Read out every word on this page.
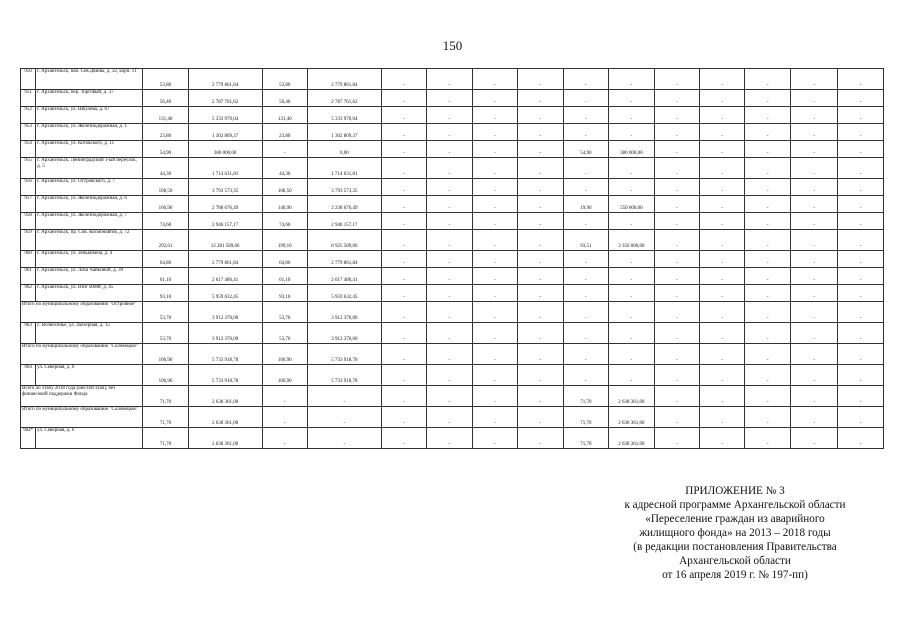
150
950	г. Архангельск, наб. Сев.Двины, д. 32, корп. 11	53,80	2 779 861,84	53,80	2 779 861,84	-	-	-	-	-	-	-	-	-	-	-
951	г. Архангельск, пер. Торговый, д. 37	56,40	2 787 761,62	56,40	2 787 761,62	-	-	-	-	-	-	-	-	-	-	-
952	г. Архангельск, ул. Шкулёва, д. 67	131,40	5 333 970,04	131,40	5 333 970,04	-	-	-	-	-	-	-	-	-	-	-
953	г. Архангельск, ул. Железнодорожная, д. 1	23,80	1 302 809,37	23,80	1 302 809,37	-	-	-	-	-	-	-	-	-	-	-
954	г. Архангельск, ул. Котовского, д. 11	54,90	380 000,00	-	0,00	-	-	-	-	54,90	380 000,00	-	-	-	-	-
955	г. Архангельск, Ленинградский 1-ый переулок, д. 5	44,30	1 714 631,81	44,30	1 714 631,81	-	-	-	-	-	-	-	-	-	-	-
956	г. Архангельск, ул. Островского, д. 7	108,50	3 793 573,35	108,50	3 793 573,35	-	-	-	-	-	-	-	-	-	-	-
957	г. Архангельск, ул. Железнодорожная, д. 6	166,90	2 788 676,49	146,90	2 238 676,49	-	-	-	-	19,90	550 000,00	-	-	-	-	-
958	г. Архангельск, ул. Железнодорожная, д. 7	74,60	2 946 157,17	74,60	2 946 157,17	-	-	-	-	-	-	-	-	-	-	-
959	г. Архангельск, пр. Сов. Космонавтов, д. 72	292,61	12 281 589,06	199,10	8 925 589,06	-	-	-	-	93,51	3 356 000,00	-	-	-	-	-
960	г. Архангельск, ул. Зеньковича, д. 4	64,80	2 779 861,84	64,80	2 779 861,84	-	-	-	-	-	-	-	-	-	-	-
961	г. Архангельск, ул. Лиза Чайкиной, д. 39	61,10	2 617 486,41	61,10	2 617 486,41	-	-	-	-	-	-	-	-	-	-	-
962	г. Архангельск, ул. Юнг ВМФ, д. 45	93,10	5 959 632,45	93,10	5 959 632,45	-	-	-	-	-	-	-	-	-	-	-
Итого по муниципальному образованию "Островное"		53,70	3 912 370,00	53,70	3 912 370,00	-	-	-	-	-	-	-	-	-	-	-
963	с. Вознесенье, ул. Заозерная, д. 15	53,70	3 912 370,00	53,70	3 912 370,00	-	-	-	-	-	-	-	-	-	-	-
Итого по муниципальному образованию "Соловецкое"		106,90	5 733 918,78	106,90	5 733 918,78	-	-	-	-	-	-	-	-	-	-	-
964	ул. Северная, д. 6	106,90	5 733 918,78	106,90	5 733 918,78	-	-	-	-	-	-	-	-	-	-	-
Всего по этапу 2018 года (шестой этап), без финансовой поддержки Фонда		71,70	2 638 361,00	-	-	-	-	-	-	71,70	2 638 361,00	-	-	-	-	-
Итого по муниципальному образованию "Соловецкое"		71,70	2 638 361,00	-	-	-	-	-	-	71,70	2 638 361,00	-	-	-	-	-
964*	ул. Северная, д. 6	71,70	2 638 361,00	-	-	-	-	-	-	71,70	2 638 361,00	-	-	-	-	-
ПРИЛОЖЕНИЕ № 3
к адресной программе Архангельской области
«Переселение граждан из аварийного
жилищного фонда» на 2013 – 2018 годы
(в редакции постановления Правительства
Архангельской области
от 16 апреля 2019 г. № 197-пп)
